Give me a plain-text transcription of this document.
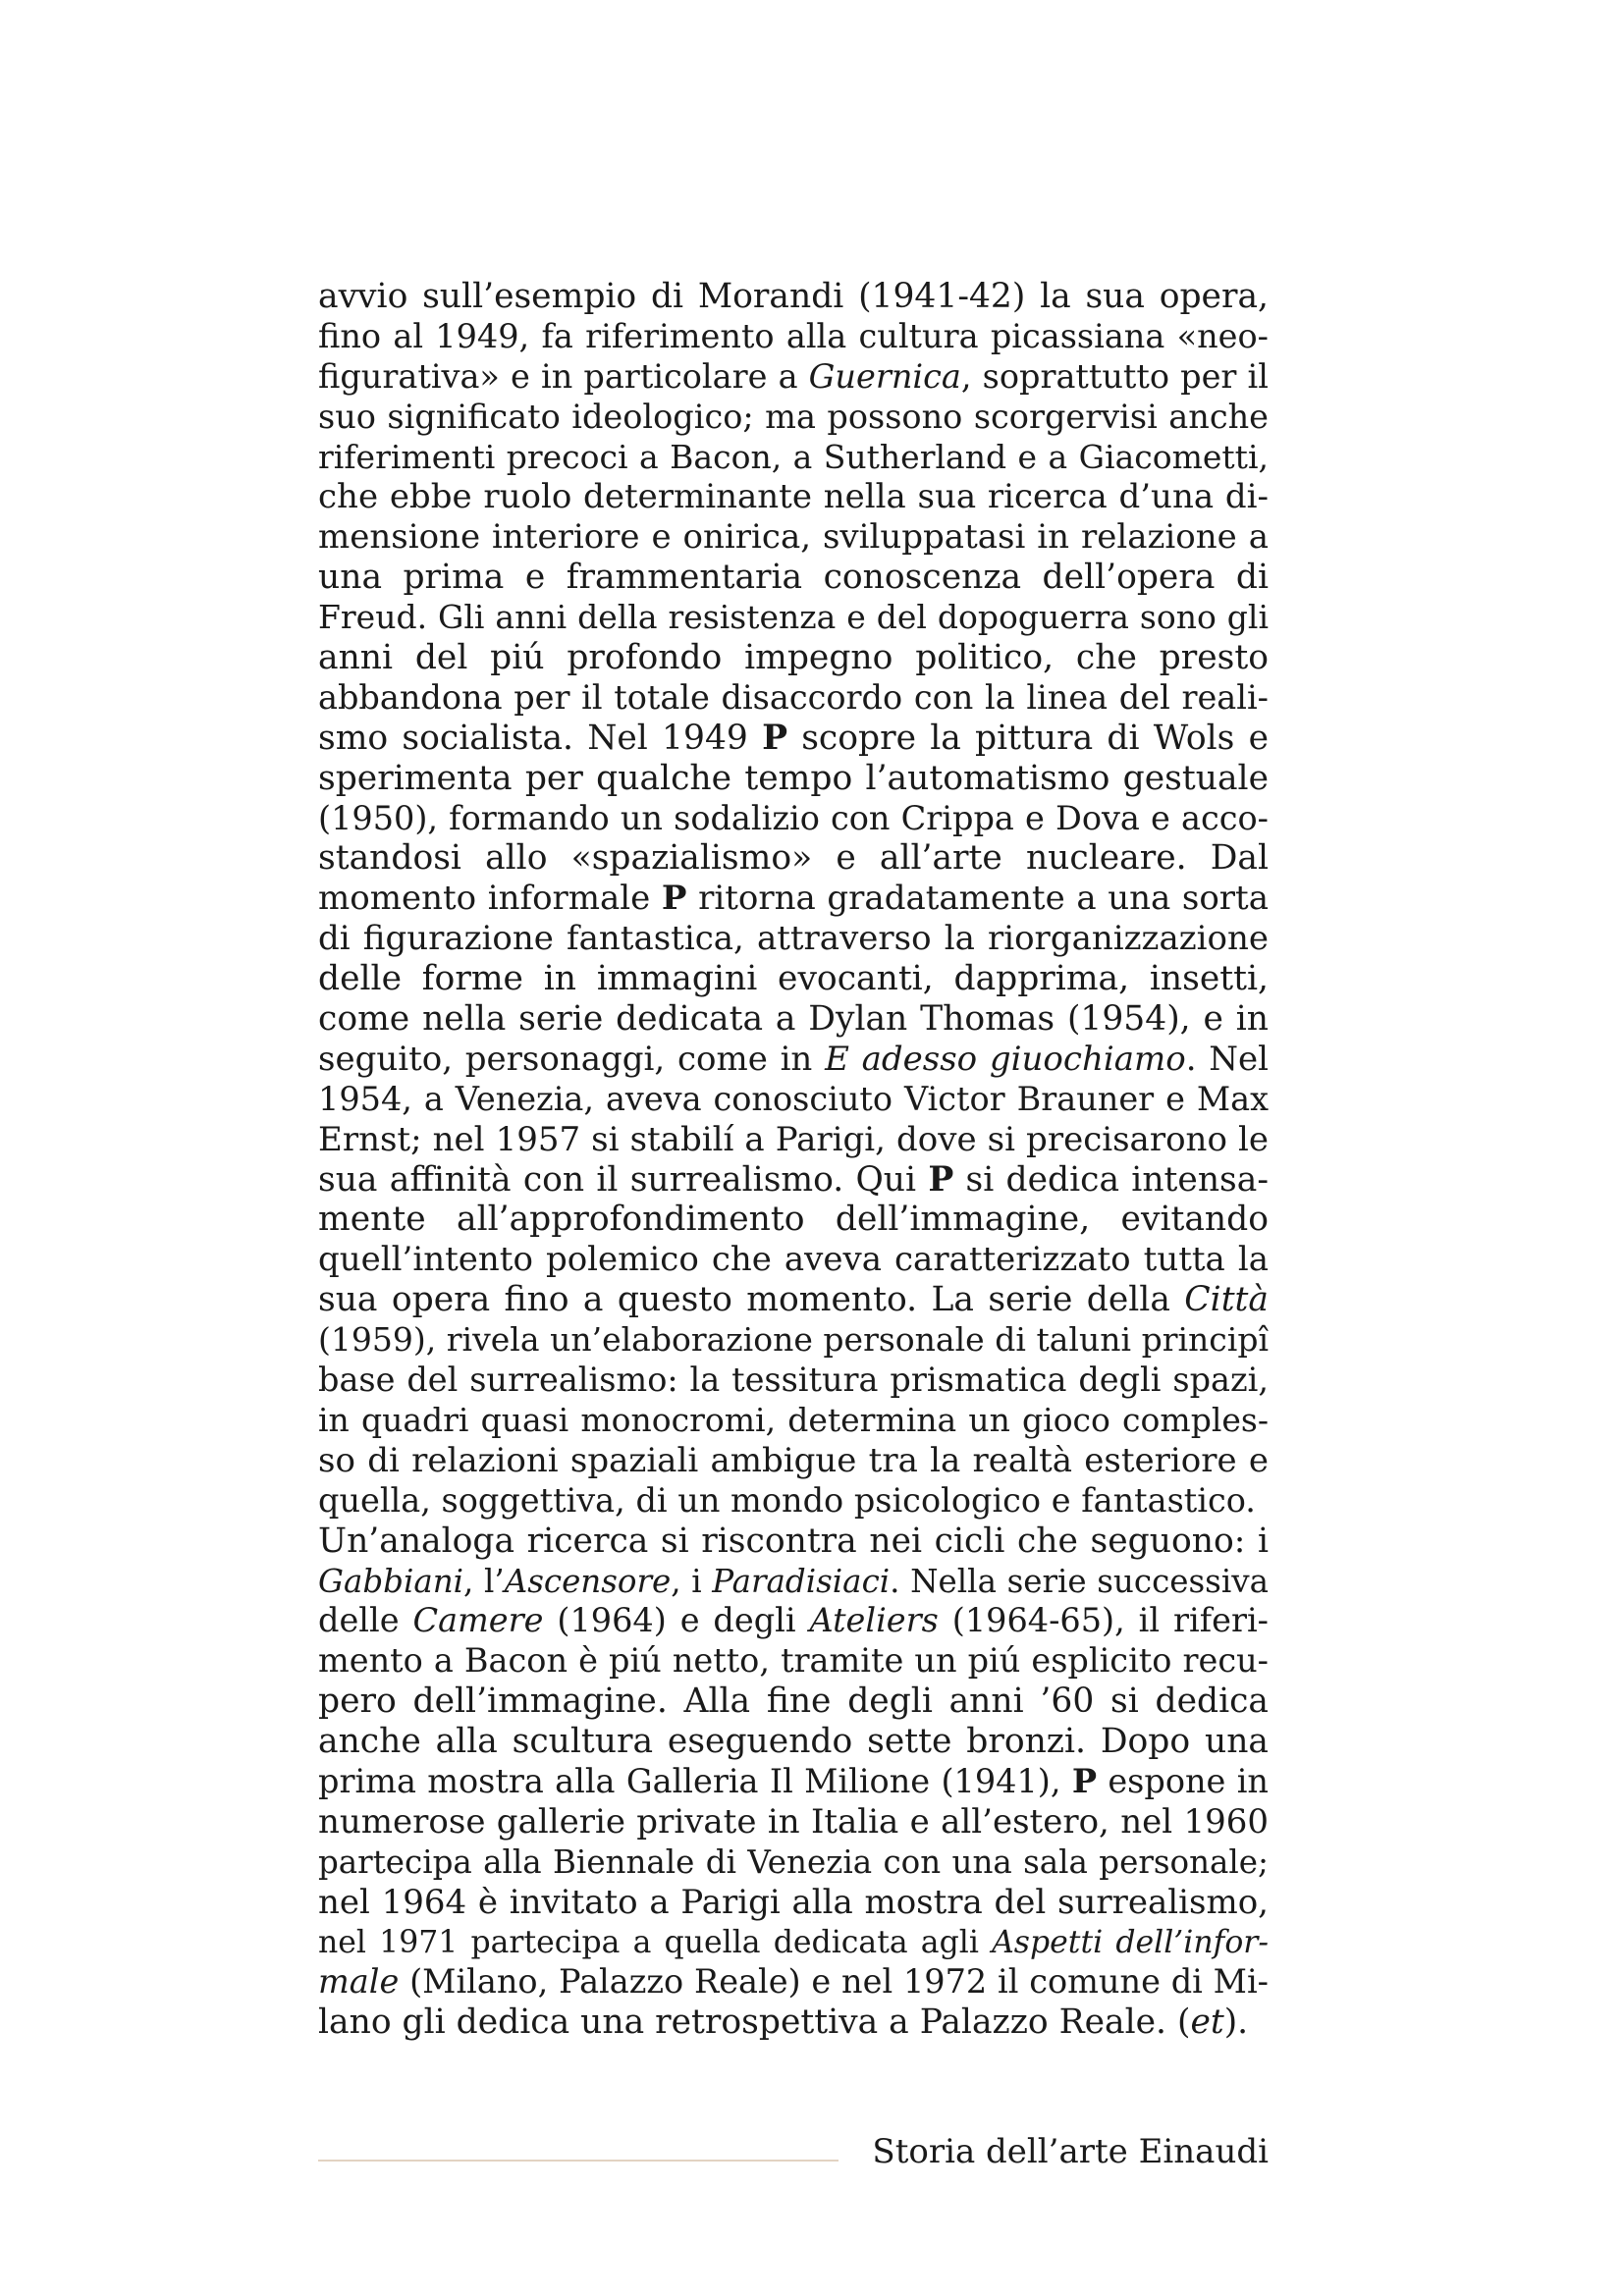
avvio sull’esempio di Morandi (1941-42) la sua opera,
fino al 1949, fa riferimento alla cultura picassiana «neo-
figurativa» e in particolare a Guernica, soprattutto per il
suo significato ideologico; ma possono scorgervisi anche
riferimenti precoci a Bacon, a Sutherland e a Giacometti,
che ebbe ruolo determinante nella sua ricerca d’una di-
mensione interiore e onirica, sviluppatasi in relazione a
una prima e frammentaria conoscenza dell’opera di
Freud. Gli anni della resistenza e del dopoguerra sono gli
anni del piú profondo impegno politico, che presto
abbandona per il totale disaccordo con la linea del reali-
smo socialista. Nel 1949 P scopre la pittura di Wols e
sperimenta per qualche tempo l’automatismo gestuale
(1950), formando un sodalizio con Crippa e Dova e acco-
standosi allo «spazialismo» e all’arte nucleare. Dal
momento informale P ritorna gradatamente a una sorta
di figurazione fantastica, attraverso la riorganizzazione
delle forme in immagini evocanti, dapprima, insetti,
come nella serie dedicata a Dylan Thomas (1954), e in
seguito, personaggi, come in E adesso giuochiamo. Nel
1954, a Venezia, aveva conosciuto Victor Brauner e Max
Ernst; nel 1957 si stabilí a Parigi, dove si precisarono le
sua affinità con il surrealismo. Qui P si dedica intensa-
mente all’approfondimento dell’immagine, evitando
quell’intento polemico che aveva caratterizzato tutta la
sua opera fino a questo momento. La serie della Città
(1959), rivela un’elaborazione personale di taluni principî
base del surrealismo: la tessitura prismatica degli spazi,
in quadri quasi monocromi, determina un gioco comples-
so di relazioni spaziali ambigue tra la realtà esteriore e
quella, soggettiva, di un mondo psicologico e fantastico.
Un’analoga ricerca si riscontra nei cicli che seguono: i
Gabbiani, l’Ascensore, i Paradisiaci. Nella serie successiva
delle Camere (1964) e degli Ateliers (1964-65), il riferi-
mento a Bacon è piú netto, tramite un piú esplicito recu-
pero dell’immagine. Alla fine degli anni ’60 si dedica
anche alla scultura eseguendo sette bronzi. Dopo una
prima mostra alla Galleria Il Milione (1941), P espone in
numerose gallerie private in Italia e all’estero, nel 1960
partecipa alla Biennale di Venezia con una sala personale;
nel 1964 è invitato a Parigi alla mostra del surrealismo,
nel 1971 partecipa a quella dedicata agli Aspetti dell’infor-
male (Milano, Palazzo Reale) e nel 1972 il comune di Mi-
lano gli dedica una retrospettiva a Palazzo Reale. (et).
Storia dell’arte Einaudi
